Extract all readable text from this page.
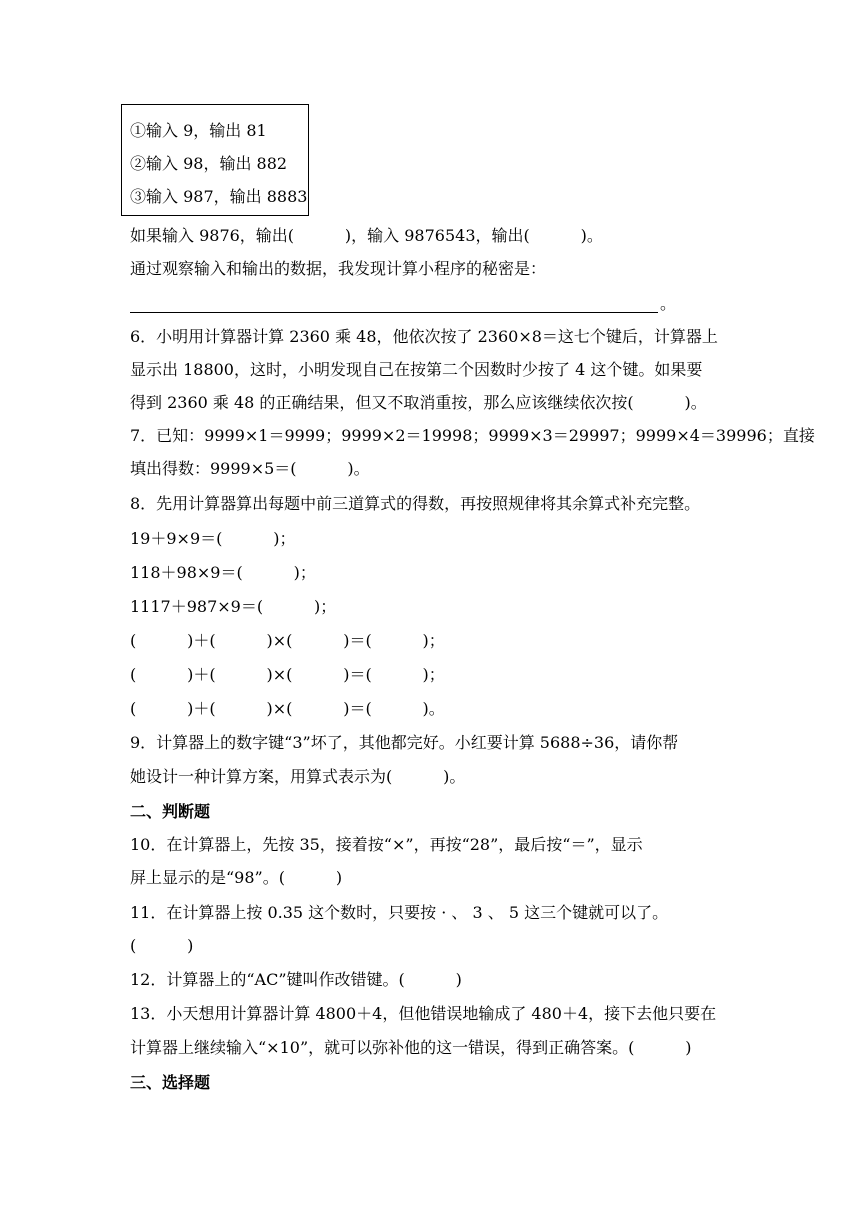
①输入 9，输出 81
②输入 98，输出 882
③输入 987，输出 8883
如果输入 9876，输出(          )，输入 9876543，输出(          )。
通过观察输入和输出的数据，我发现计算小程序的秘密是：
。
6．小明用计算器计算 2360 乘 48，他依次按了 2360×8＝这七个键后，计算器上
显示出 18800，这时，小明发现自己在按第二个因数时少按了 4 这个键。如果要
得到 2360 乘 48 的正确结果，但又不取消重按，那么应该继续依次按(          )。
7．已知：9999×1＝9999；9999×2＝19998；9999×3＝29997；9999×4＝39996；直接
填出得数：9999×5＝(          )。
8．先用计算器算出每题中前三道算式的得数，再按照规律将其余算式补充完整。
19＋9×9＝(          )；
118＋98×9＝(          )；
1117＋987×9＝(          )；
(          )＋(          )×(          )＝(          )；
(          )＋(          )×(          )＝(          )；
(          )＋(          )×(          )＝(          )。
9．计算器上的数字键“3”坏了，其他都完好。小红要计算 5688÷36，请你帮
她设计一种计算方案，用算式表示为(          )。
二、判断题
10．在计算器上，先按 35，接着按“×”，再按“28”，最后按“＝”，显示
屏上显示的是“98”。(          )
11．在计算器上按 0.35 这个数时，只要按 · 、 3 、 5 这三个键就可以了。
(          )
12．计算器上的“AC”键叫作改错键。(          )
13．小天想用计算器计算 4800＋4，但他错误地输成了 480＋4，接下去他只要在
计算器上继续输入“×10”，就可以弥补他的这一错误，得到正确答案。(          )
三、选择题
